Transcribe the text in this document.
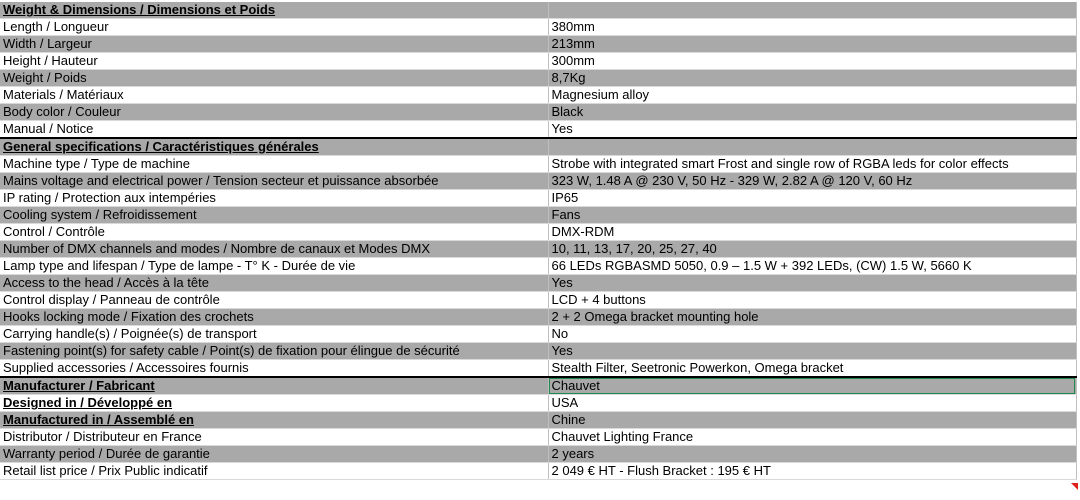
Weight & Dimensions / Dimensions et Poids	
Length / Longueur	380mm
Width / Largeur	213mm
Height / Hauteur	300mm
Weight / Poids	8,7Kg
Materials / Matériaux	Magnesium alloy
Body color / Couleur	Black
Manual / Notice	Yes
General specifications / Caractéristiques générales	
Machine type / Type de machine	Strobe with integrated smart Frost and single row of RGBA leds for color effects
Mains voltage and electrical power / Tension secteur et puissance absorbée	323 W, 1.48 A @ 230 V, 50 Hz - 329 W, 2.82 A @ 120 V, 60 Hz
IP rating / Protection aux intempéries	IP65
Cooling system / Refroidissement	Fans
Control / Contrôle	DMX-RDM
Number of DMX channels and modes / Nombre de canaux et Modes DMX	10, 11, 13, 17, 20, 25, 27, 40
Lamp type and lifespan / Type de lampe - T° K - Durée de vie	66 LEDs RGBASMD 5050, 0.9 – 1.5 W + 392 LEDs, (CW) 1.5 W, 5660 K
Access to the head / Accès à la tête	Yes
Control display / Panneau de contrôle	LCD + 4 buttons
Hooks locking mode / Fixation des crochets	2 + 2 Omega bracket mounting hole
Carrying handle(s) / Poignée(s) de transport	No
Fastening point(s) for safety cable / Point(s) de fixation pour élingue de sécurité	Yes
Supplied accessories / Accessoires fournis	Stealth Filter, Seetronic Powerkon, Omega bracket
Manufacturer / Fabricant	Chauvet
Designed in / Développé en	USA
Manufactured in / Assemblé en	Chine
Distributor / Distributeur en France	Chauvet Lighting France
Warranty period / Durée de garantie	2 years
Retail list price / Prix Public indicatif	2 049 € HT - Flush Bracket : 195 € HT
